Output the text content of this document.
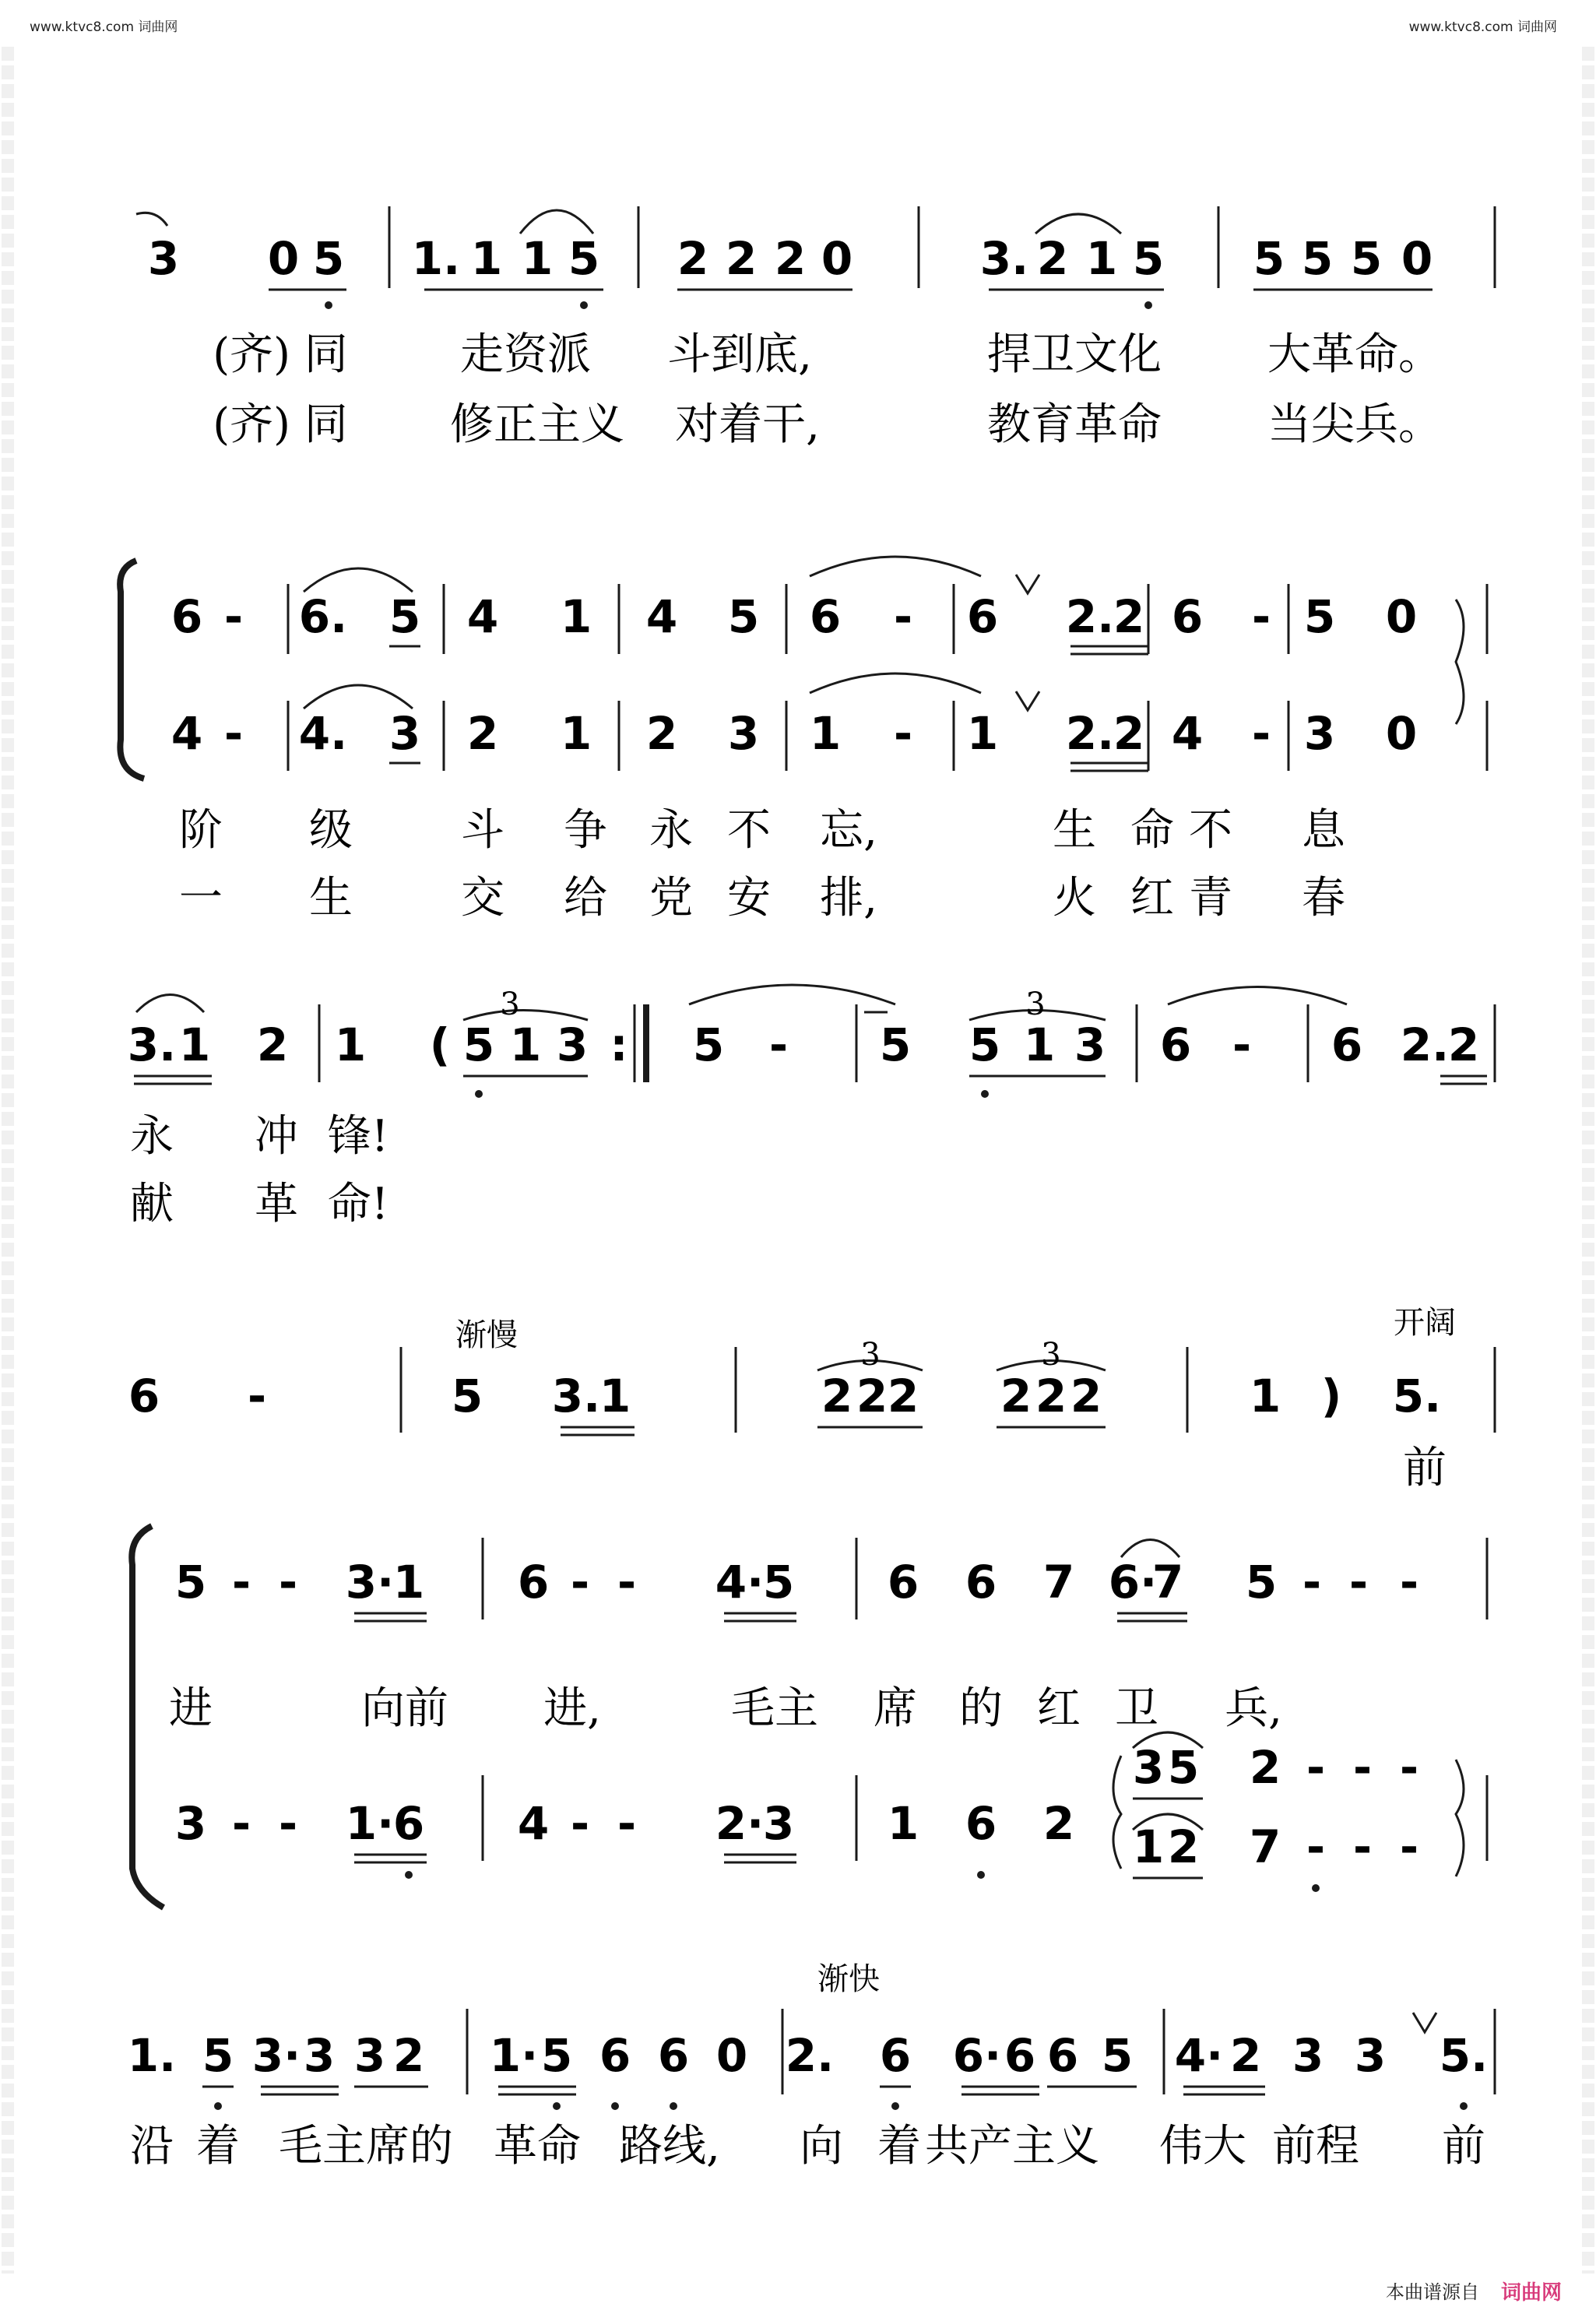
www.ktvc8.com 词曲网	www.ktvc8.com 词曲网
3 0 5 1. 1 1 5 2 2 2 0	3. 2 1 5 5 5 5 0
(齐) 同	走资派 斗到底,	捍卫文化 大革命。
(齐) 同 修正主义 对着干,	教育革命 当尖兵。
6 - 6. 5 4 1 4 5 6 - 6 2.
2 6 - 5 0
4 - 4. 3 2 1 2 3 1 - 1 2.
2 4 - 3 0
阶 级 斗 争 永 不 忘,	生 命 不 息
一 生 交 给 党 安 排,	火 红 青 春
3. 1 2 1 ( 5 1 3 : 5 - 5 5 1 3 6 - 6 2.
2
3	3
永 冲 锋!
献 革 命!
渐慢	开阔
6 -	5 3.
1	2 2 2 2 2 2	1 ) 5.
3	3
前
5 - - 3·
1 6 - - 4·
5 6 6 7 6·
7 5 - - -
3 - - 1·
6 4 - - 2·
3 1 6 2
3 5 2 - - -
1 2 7 - - -
进	向前 进,	毛主 席 的 红 卫 兵,
渐快
1. 5 3· 3 3 2 1· 5 6 6 0 2. 6 6· 6 6 5 4· 2 3 3 5.
沿 着 毛主席的 革命 路线, 向 着 共产主义 伟大 前程 前
本曲谱源自 词曲网
